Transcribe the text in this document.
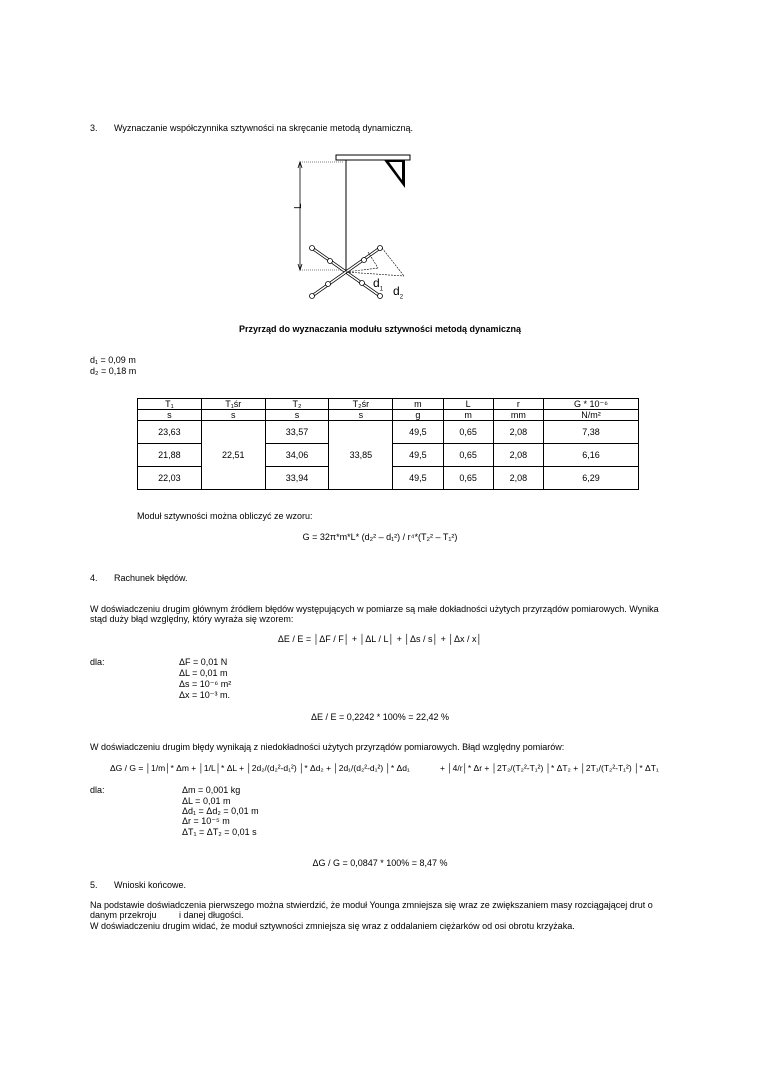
3. Wyznaczanie współczynnika sztywności na skręcanie metodą dynamiczną.
L
$d_1$ $d_2$
Przyrząd do wyznaczania modułu sztywności metodą dynamiczną
d₁ = 0,09 m
d₂ = 0,18 m
T₁	T₁śr	T₂	T₂śr	m	L	r	G * 10⁻⁶
s	s	s	s	g	m	mm	N/m²
23,63	22,51	33,57	33,85	49,5	0,65	2,08	7,38
21,88		34,06		49,5	0,65	2,08	6,16
22,03		33,94		49,5	0,65	2,08	6,29
Moduł sztywności można obliczyć ze wzoru:
G = 32π*m*L* (d₂² – d₁²) / r⁴*(T₂² – T₁²)
4. Rachunek błędów.
W doświadczeniu drugim głównym źródłem błędów występujących w pomiarze są małe dokładności użytych przyrządów pomiarowych. Wynika
stąd duży błąd względny, który wyraża się wzorem:
ΔE / E = │ΔF / F│ + │ΔL / L│ + │Δs / s│ + │Δx / x│
dla:	ΔF = 0,01 N
ΔL = 0,01 m
Δs = 10⁻⁶ m²
Δx = 10⁻³ m.
ΔE / E = 0,2242 * 100% = 22,42 %
W doświadczeniu drugim błędy wynikają z niedokładności użytych przyrządów pomiarowych. Błąd względny pomiarów:
ΔG / G = │1/m│* Δm + │1/L│* ΔL + │2d₂/(d₂²-d₁²) │* Δd₂ + │2d₁/(d₂²-d₁²) │* Δd₁	+ │4/r│* Δr + │2T₂/(T₂²-T₁²) │* ΔT₂ + │2T₁/(T₂²-T₁²) │* ΔT₁
dla:	Δm = 0,001 kg
ΔL = 0,01 m
Δd₁ = Δd₂ = 0,01 m
Δr = 10⁻⁵ m
ΔT₁ = ΔT₂ = 0,01 s
ΔG / G = 0,0847 * 100% = 8,47 %
5. Wnioski końcowe.
Na podstawie doświadczenia pierwszego można stwierdzić, że moduł Younga zmniejsza się wraz ze zwiększaniem masy rozciągającej drut o
danym przekroju i danej długości.
W doświadczeniu drugim widać, że moduł sztywności zmniejsza się wraz z oddalaniem ciężarków od osi obrotu krzyżaka.
